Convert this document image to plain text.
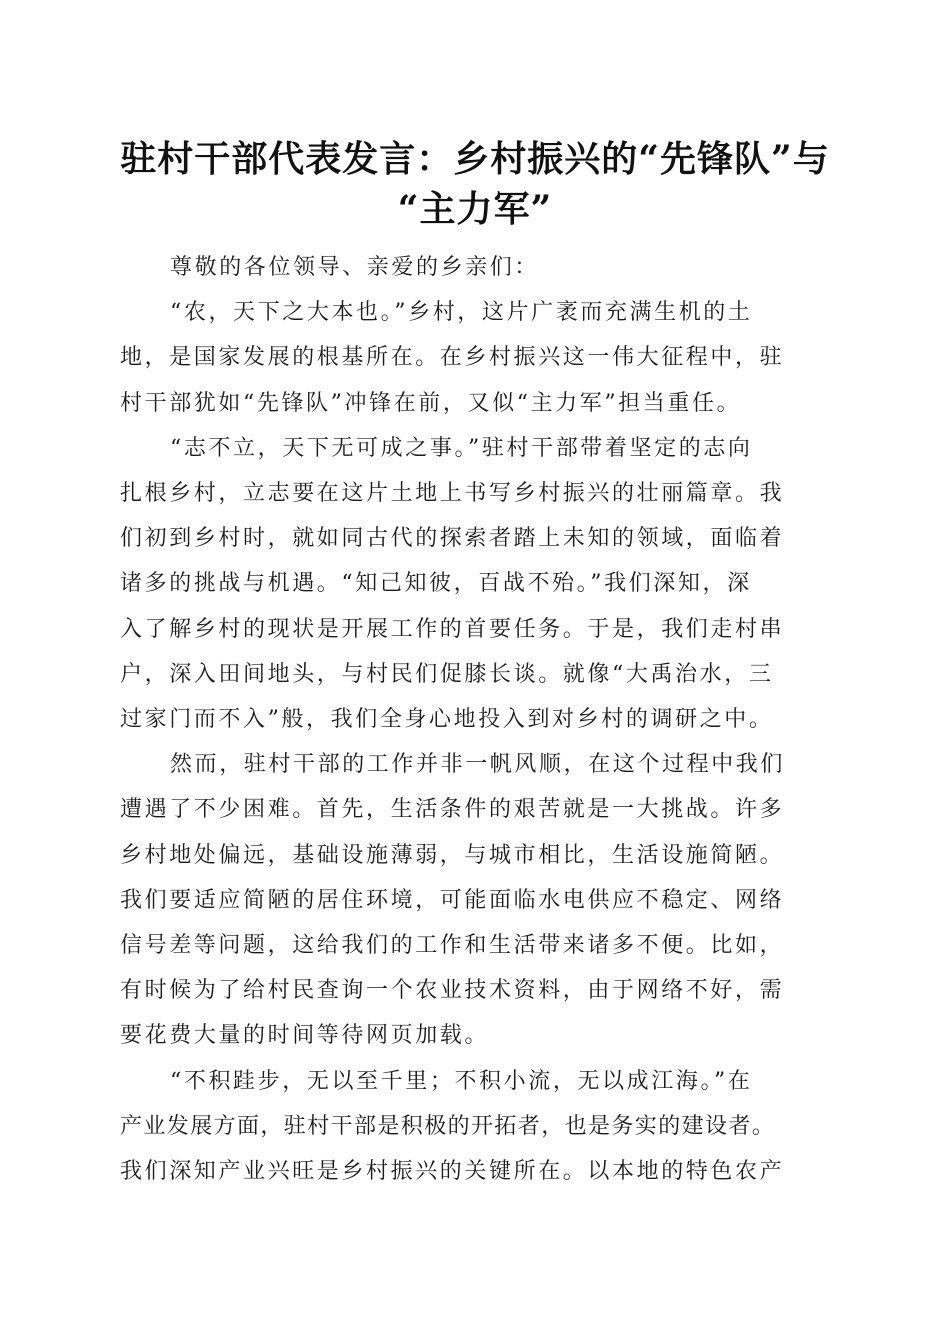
驻村干部代表发言：乡村振兴的“先锋队”与
“主力军”
尊敬的各位领导、亲爱的乡亲们：
“农，天下之大本也。”乡村，这片广袤而充满生机的土
地，是国家发展的根基所在。在乡村振兴这一伟大征程中，驻
村干部犹如“先锋队”冲锋在前，又似“主力军”担当重任。
“志不立，天下无可成之事。”驻村干部带着坚定的志向
扎根乡村，立志要在这片土地上书写乡村振兴的壮丽篇章。我
们初到乡村时，就如同古代的探索者踏上未知的领域，面临着
诸多的挑战与机遇。“知己知彼，百战不殆。”我们深知，深
入了解乡村的现状是开展工作的首要任务。于是，我们走村串
户，深入田间地头，与村民们促膝长谈。就像“大禹治水，三
过家门而不入”般，我们全身心地投入到对乡村的调研之中。
然而，驻村干部的工作并非一帆风顺，在这个过程中我们
遭遇了不少困难。首先，生活条件的艰苦就是一大挑战。许多
乡村地处偏远，基础设施薄弱，与城市相比，生活设施简陋。
我们要适应简陋的居住环境，可能面临水电供应不稳定、网络
信号差等问题，这给我们的工作和生活带来诸多不便。比如，
有时候为了给村民查询一个农业技术资料，由于网络不好，需
要花费大量的时间等待网页加载。
“不积跬步，无以至千里；不积小流，无以成江海。”在
产业发展方面，驻村干部是积极的开拓者，也是务实的建设者。
我们深知产业兴旺是乡村振兴的关键所在。以本地的特色农产
